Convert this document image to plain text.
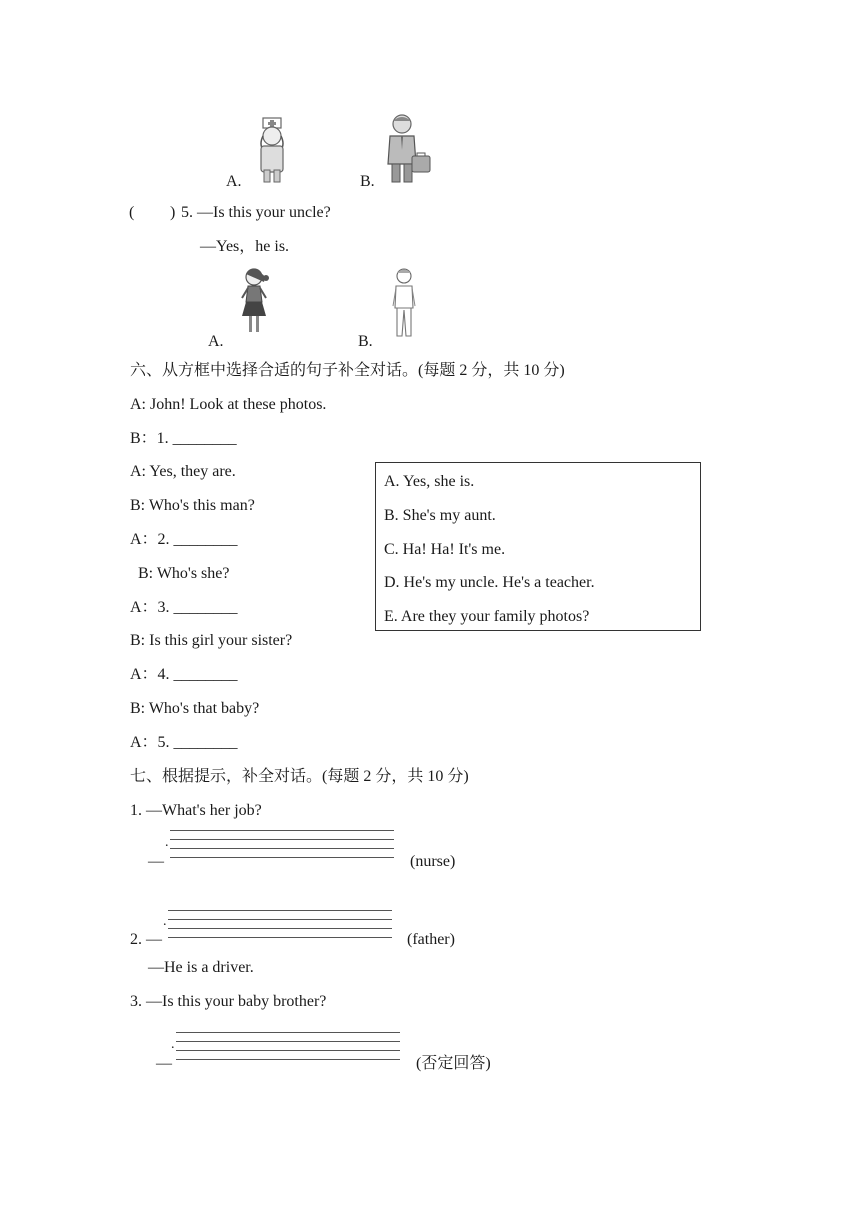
A.	B.
( ) 5. —Is this your uncle?
—Yes，he is.
A.	B.
六、从方框中选择合适的句子补全对话。(每题 2 分，共 10 分)
A: John! Look at these photos.
B：1. ________
A: Yes, they are.
B: Who's this man?
A：2. ________
B: Who's she?
A：3. ________
B: Is this girl your sister?
A：4. ________
B: Who's that baby?
A：5. ________
A. Yes, she is.
B. She's my aunt.
C. Ha! Ha! It's me.
D. He's my uncle. He's a teacher.
E. Are they your family photos?
七、根据提示，补全对话。(每题 2 分，共 10 分)
1. —What's her job?
.
—	(nurse)
.
2. —	(father)
—He is a driver.
3. —Is this your baby brother?
.
—	(否定回答)
